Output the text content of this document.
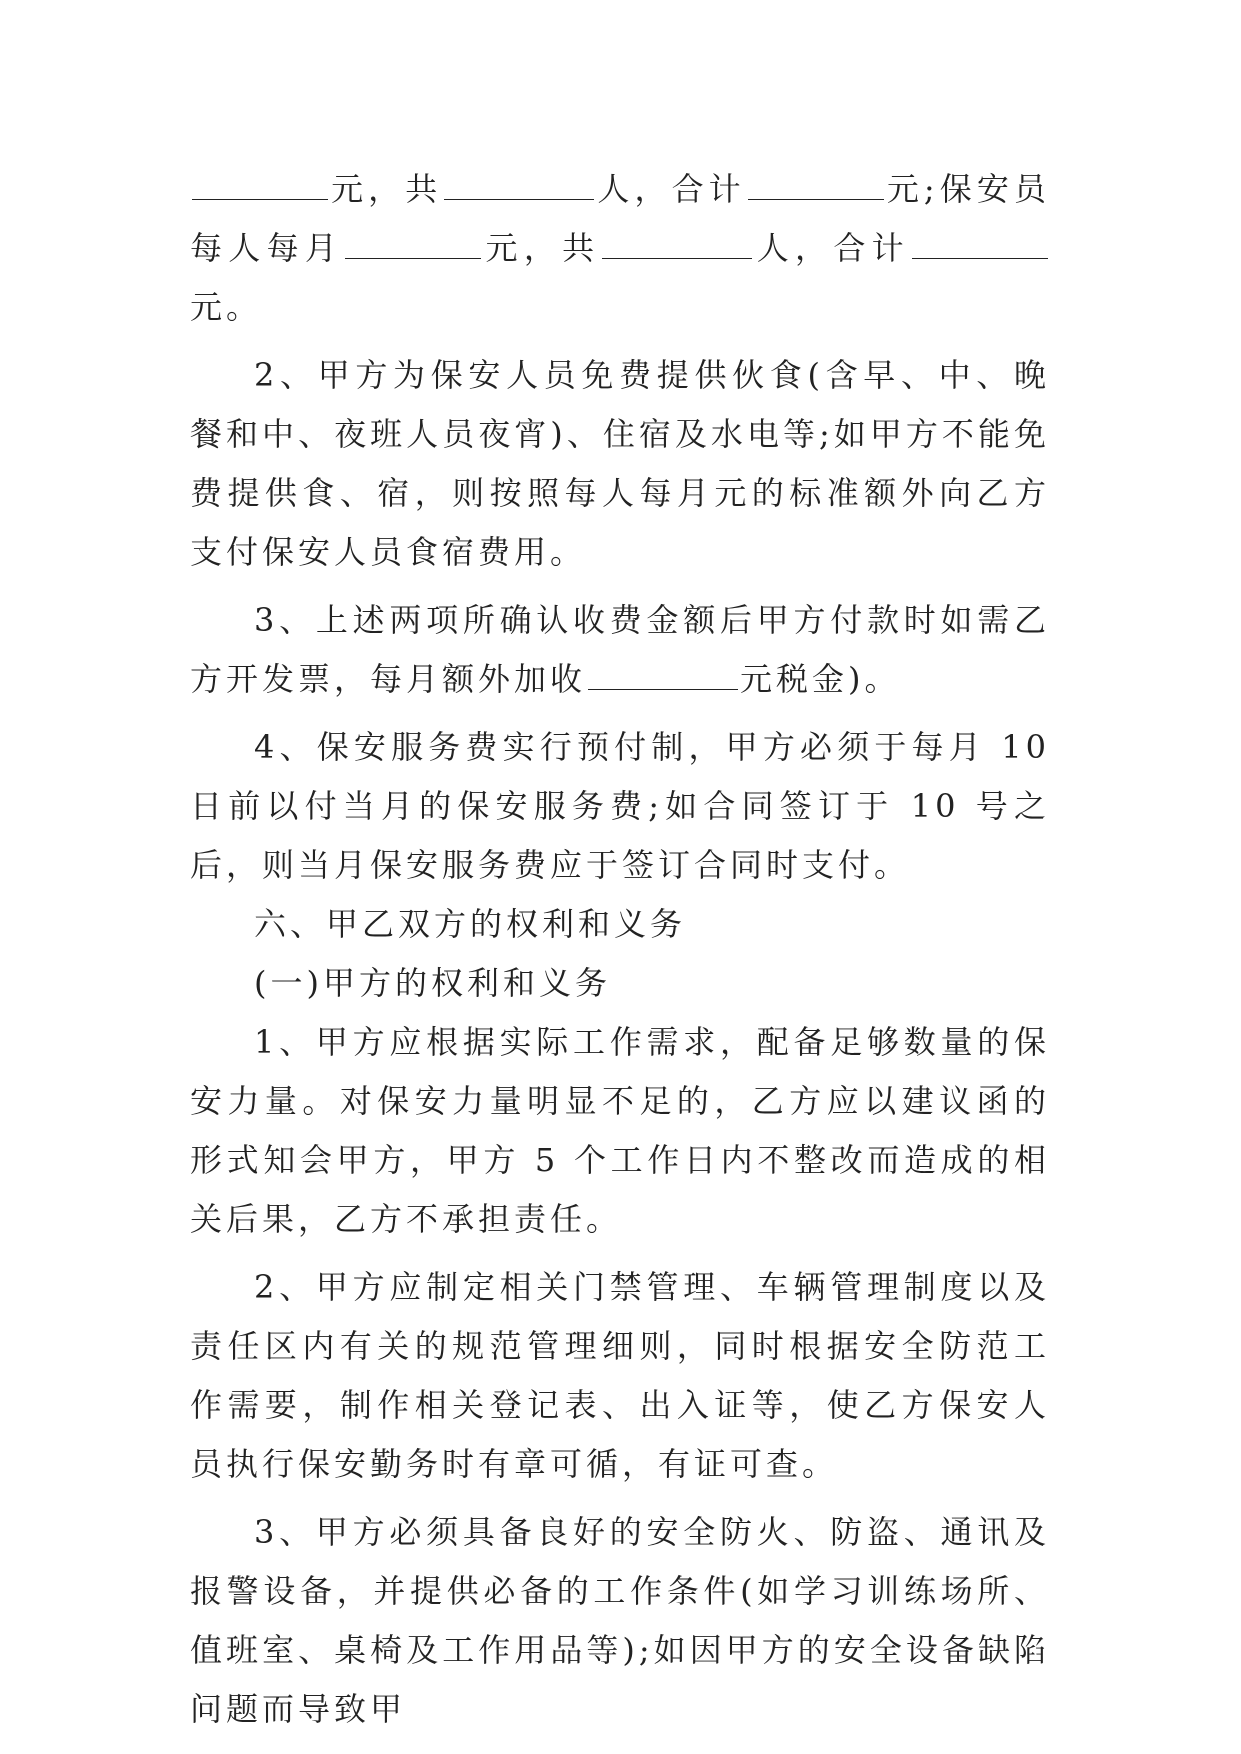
元，共	人，合计	元;保安员每人每月	元，共	人，合计元。

2、甲方为保安人员免费提供伙食(含早、中、晚餐和中、夜班人员夜宵)、住宿及水电等;如甲方不能免费提供食、宿，则按照每人每月元的标准额外向乙方支付保安人员食宿费用。

3、上述两项所确认收费金额后甲方付款时如需乙方开发票，每月额外加收	元税金)。

4、保安服务费实行预付制，甲方必须于每月 10 日前以付当月的保安服务费;如合同签订于 10 号之后，则当月保安服务费应于签订合同时支付。

六、甲乙双方的权利和义务

(一)甲方的权利和义务

1、甲方应根据实际工作需求，配备足够数量的保安力量。对保安力量明显不足的，乙方应以建议函的形式知会甲方，甲方 5 个工作日内不整改而造成的相关后果，乙方不承担责任。

2、甲方应制定相关门禁管理、车辆管理制度以及责任区内有关的规范管理细则，同时根据安全防范工作需要，制作相关登记表、出入证等，使乙方保安人员执行保安勤务时有章可循，有证可查。

3、甲方必须具备良好的安全防火、防盗、通讯及报警设备，并提供必备的工作条件(如学习训练场所、值班室、桌椅及工作用品等);如因甲方的安全设备缺陷问题而导致甲
